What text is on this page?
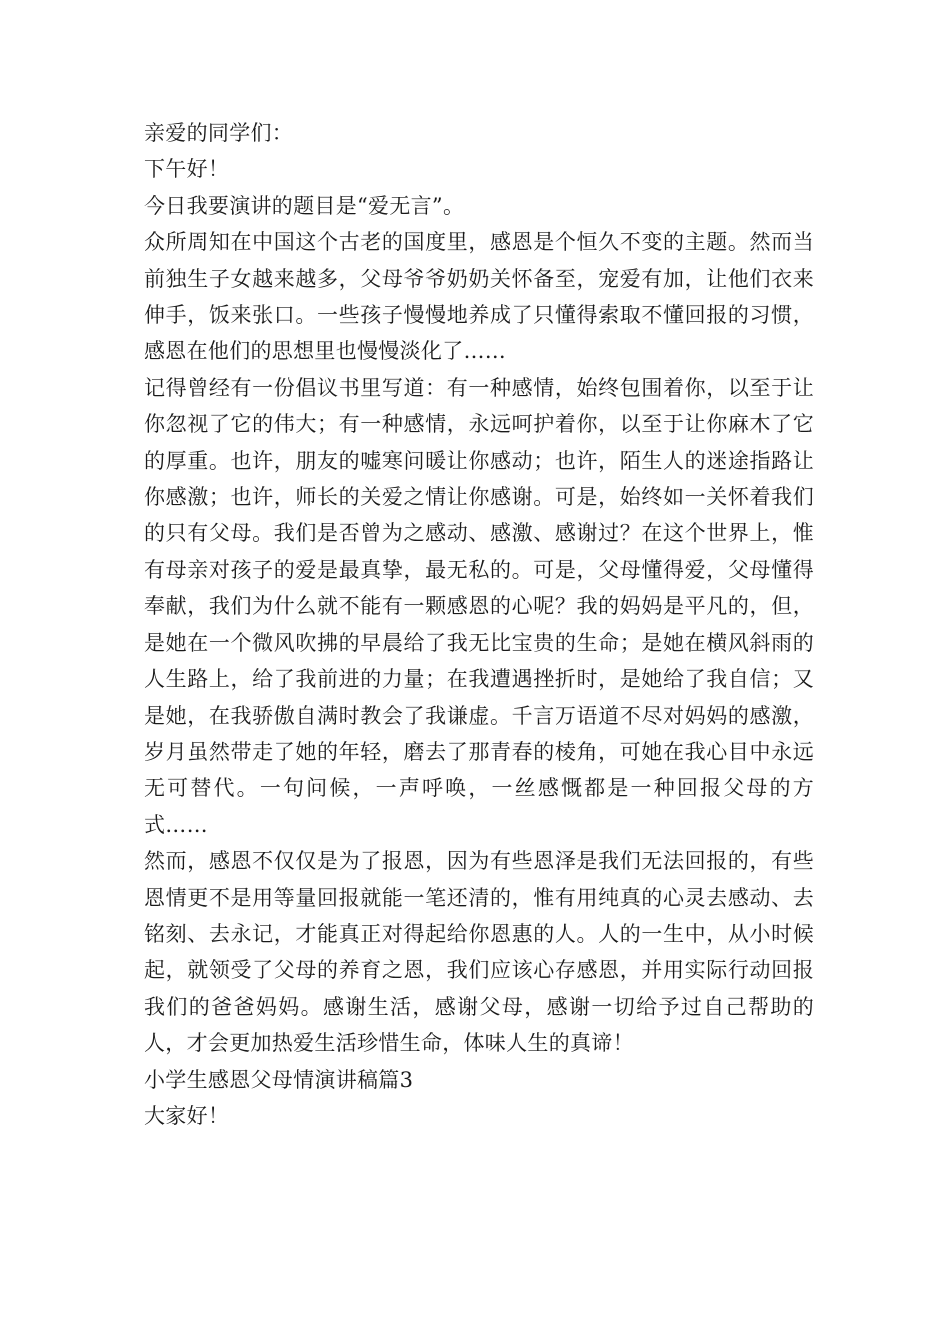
亲爱的同学们：

下午好！

今日我要演讲的题目是“爱无言”。

众所周知在中国这个古老的国度里，感恩是个恒久不变的主题。然而当前独生子女越来越多，父母爷爷奶奶关怀备至，宠爱有加，让他们衣来伸手，饭来张口。一些孩子慢慢地养成了只懂得索取不懂回报的习惯，感恩在他们的思想里也慢慢淡化了……

记得曾经有一份倡议书里写道：有一种感情，始终包围着你，以至于让你忽视了它的伟大；有一种感情，永远呵护着你，以至于让你麻木了它的厚重。也许，朋友的嘘寒问暖让你感动；也许，陌生人的迷途指路让你感激；也许，师长的关爱之情让你感谢。可是，始终如一关怀着我们的只有父母。我们是否曾为之感动、感激、感谢过？在这个世界上，惟有母亲对孩子的爱是最真挚，最无私的。可是，父母懂得爱，父母懂得奉献，我们为什么就不能有一颗感恩的心呢？我的妈妈是平凡的，但，是她在一个微风吹拂的早晨给了我无比宝贵的生命；是她在横风斜雨的人生路上，给了我前进的力量；在我遭遇挫折时，是她给了我自信；又是她，在我骄傲自满时教会了我谦虚。千言万语道不尽对妈妈的感激，岁月虽然带走了她的年轻，磨去了那青春的棱角，可她在我心目中永远无可替代。一句问候，一声呼唤，一丝感慨都是一种回报父母的方式……

然而，感恩不仅仅是为了报恩，因为有些恩泽是我们无法回报的，有些恩情更不是用等量回报就能一笔还清的，惟有用纯真的心灵去感动、去铭刻、去永记，才能真正对得起给你恩惠的人。人的一生中，从小时候起，就领受了父母的养育之恩，我们应该心存感恩，并用实际行动回报我们的爸爸妈妈。感谢生活，感谢父母，感谢一切给予过自己帮助的人，才会更加热爱生活珍惜生命，体味人生的真谛！

小学生感恩父母情演讲稿篇3

大家好！
